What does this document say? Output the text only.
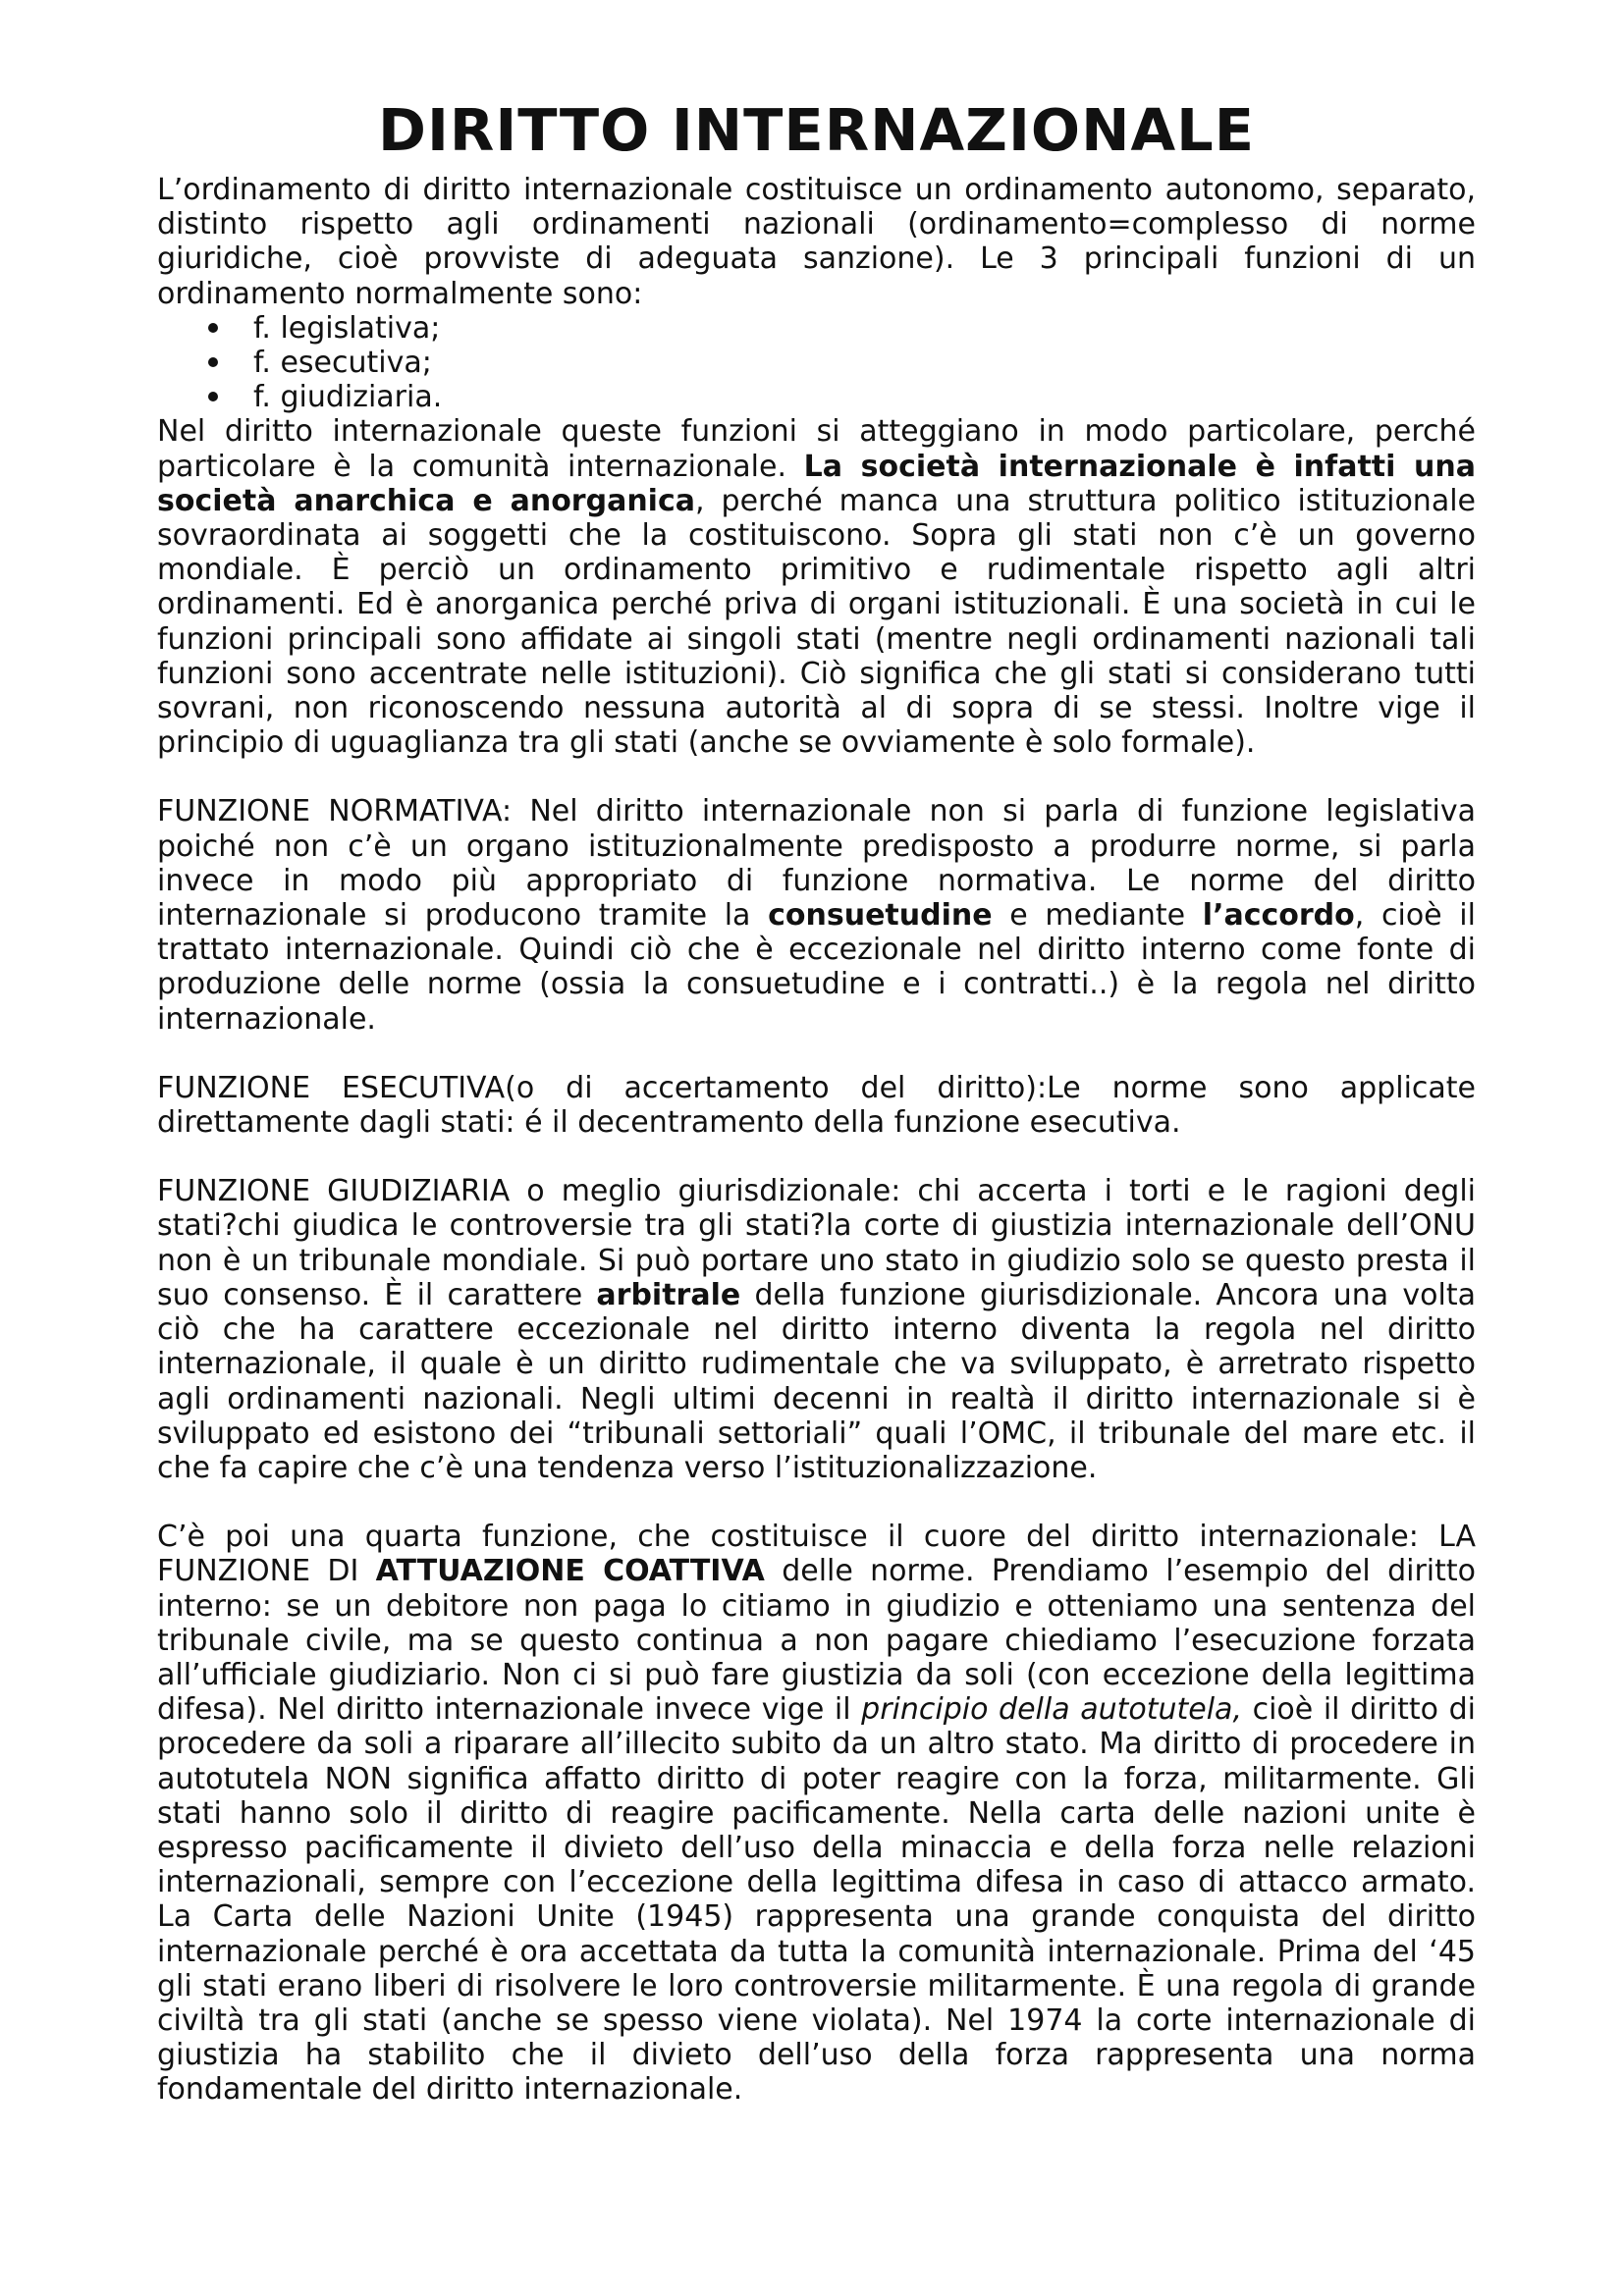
DIRITTO INTERNAZIONALE

L’ordinamento di diritto internazionale costituisce un ordinamento autonomo, separato, distinto rispetto agli ordinamenti nazionali (ordinamento=complesso di norme giuridiche, cioè provviste di adeguata sanzione). Le 3 principali funzioni di un ordinamento normalmente sono:

f. legislativa;
f. esecutiva;
f. giudiziaria.

Nel diritto internazionale queste funzioni si atteggiano in modo particolare, perché particolare è la comunità internazionale. La società internazionale è infatti una società anarchica e anorganica, perché manca una struttura politico istituzionale sovraordinata ai soggetti che la costituiscono. Sopra gli stati non c’è un governo mondiale. È perciò un ordinamento primitivo e rudimentale rispetto agli altri ordinamenti. Ed è anorganica perché priva di organi istituzionali. È una società in cui le funzioni principali sono affidate ai singoli stati (mentre negli ordinamenti nazionali tali funzioni sono accentrate nelle istituzioni). Ciò significa che gli stati si considerano tutti sovrani, non riconoscendo nessuna autorità al di sopra di se stessi. Inoltre vige il principio di uguaglianza tra gli stati (anche se ovviamente è solo formale).

FUNZIONE NORMATIVA: Nel diritto internazionale non si parla di funzione legislativa poiché non c’è un organo istituzionalmente predisposto a produrre norme, si parla invece in modo più appropriato di funzione normativa. Le norme del diritto internazionale si producono tramite la consuetudine e mediante l’accordo, cioè il trattato internazionale. Quindi ciò che è eccezionale nel diritto interno come fonte di produzione delle norme (ossia la consuetudine e i contratti..) è la regola nel diritto internazionale.

FUNZIONE ESECUTIVA(o di accertamento del diritto):Le norme sono applicate direttamente dagli stati: é il decentramento della funzione esecutiva.

FUNZIONE GIUDIZIARIA o meglio giurisdizionale: chi accerta i torti e le ragioni degli stati?chi giudica le controversie tra gli stati?la corte di giustizia internazionale dell’ONU non è un tribunale mondiale. Si può portare uno stato in giudizio solo se questo presta il suo consenso. È il carattere arbitrale della funzione giurisdizionale. Ancora una volta ciò che ha carattere eccezionale nel diritto interno diventa la regola nel diritto internazionale, il quale è un diritto rudimentale che va sviluppato, è arretrato rispetto agli ordinamenti nazionali. Negli ultimi decenni in realtà il diritto internazionale si è sviluppato ed esistono dei “tribunali settoriali” quali l’OMC, il tribunale del mare etc. il che fa capire che c’è una tendenza verso l’istituzionalizzazione.

C’è poi una quarta funzione, che costituisce il cuore del diritto internazionale: LA FUNZIONE DI ATTUAZIONE COATTIVA delle norme. Prendiamo l’esempio del diritto interno: se un debitore non paga lo citiamo in giudizio e otteniamo una sentenza del tribunale civile, ma se questo continua a non pagare chiediamo l’esecuzione forzata all’ufficiale giudiziario. Non ci si può fare giustizia da soli (con eccezione della legittima difesa). Nel diritto internazionale invece vige il principio della autotutela, cioè il diritto di procedere da soli a riparare all’illecito subito da un altro stato. Ma diritto di procedere in autotutela NON significa affatto diritto di poter reagire con la forza, militarmente. Gli stati hanno solo il diritto di reagire pacificamente. Nella carta delle nazioni unite è espresso pacificamente il divieto dell’uso della minaccia e della forza nelle relazioni internazionali, sempre con l’eccezione della legittima difesa in caso di attacco armato. La Carta delle Nazioni Unite (1945) rappresenta una grande conquista del diritto internazionale perché è ora accettata da tutta la comunità internazionale. Prima del ‘45 gli stati erano liberi di risolvere le loro controversie militarmente. È una regola di grande civiltà tra gli stati (anche se spesso viene violata). Nel 1974 la corte internazionale di giustizia ha stabilito che il divieto dell’uso della forza rappresenta una norma fondamentale del diritto internazionale.
